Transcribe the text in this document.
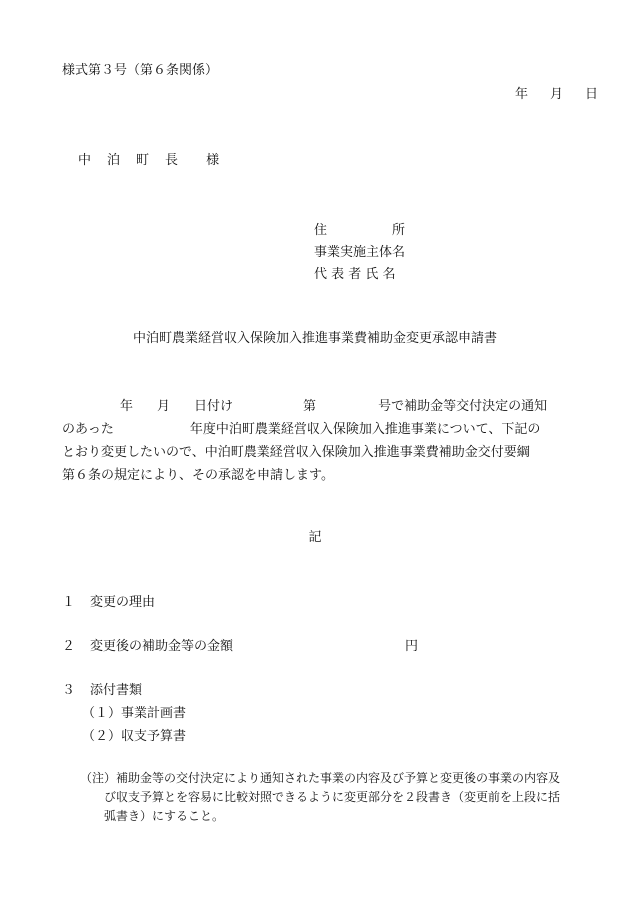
様式第３号（第６条関係）
年 月 日
中 泊 町 長 様
住　　　　　所
事業実施主体名
代 表 者 氏 名
中泊町農業経営収入保険加入推進事業費補助金変更承認申請書
年 月 日付け	第	号で補助金等交付決定の通知
のあった	年度中泊町農業経営収入保険加入推進事業について、下記の
とおり変更したいので、中泊町農業経営収入保険加入推進事業費補助金交付要綱
第６条の規定により、その承認を申請します。
記
１ 変更の理由
２ 変更後の補助金等の金額	円
３ 添付書類
（１）事業計画書
（２）収支予算書
（注）補助金等の交付決定により通知された事業の内容及び予算と変更後の事業の内容及
び収支予算とを容易に比較対照できるように変更部分を２段書き（変更前を上段に括
弧書き）にすること。
